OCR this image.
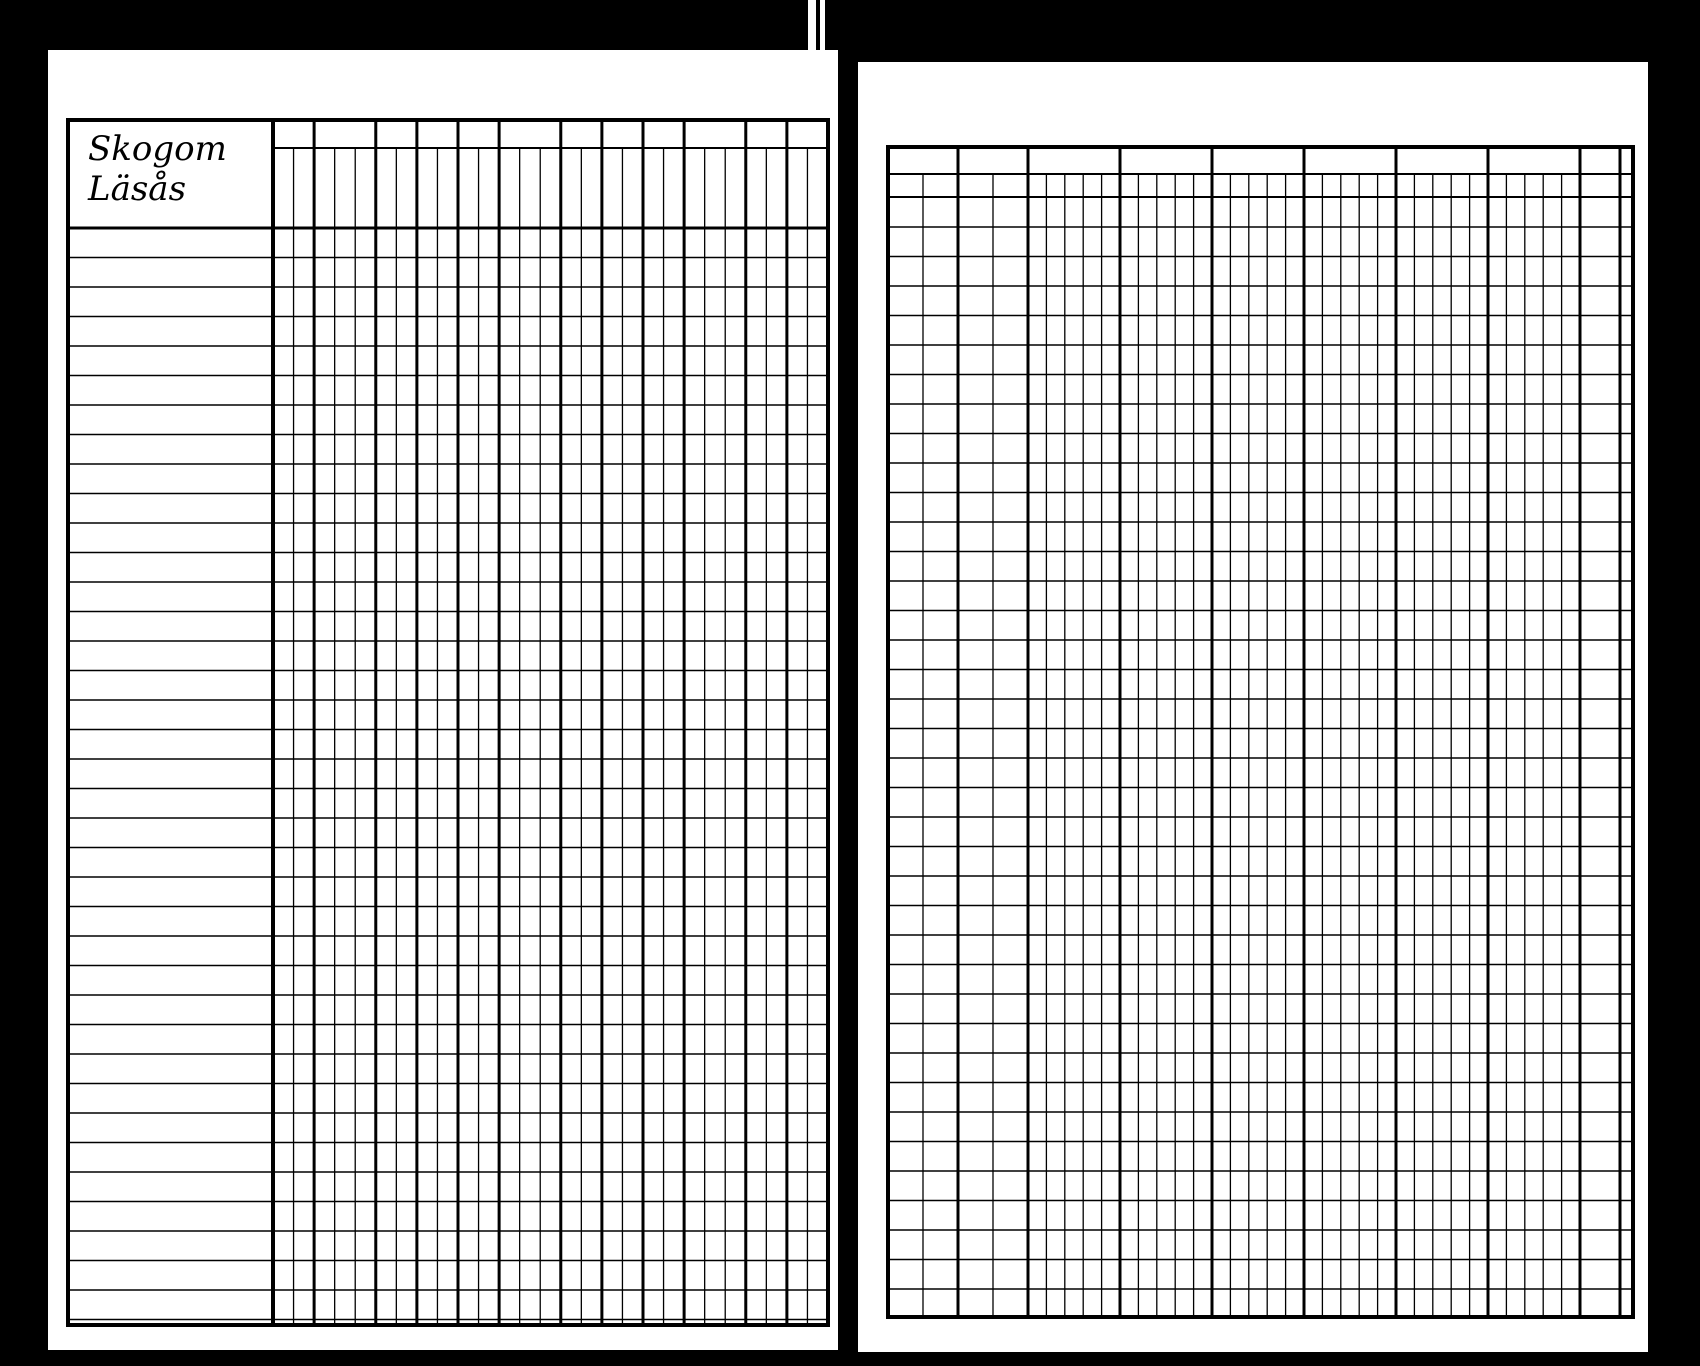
Skogom
Läsås
